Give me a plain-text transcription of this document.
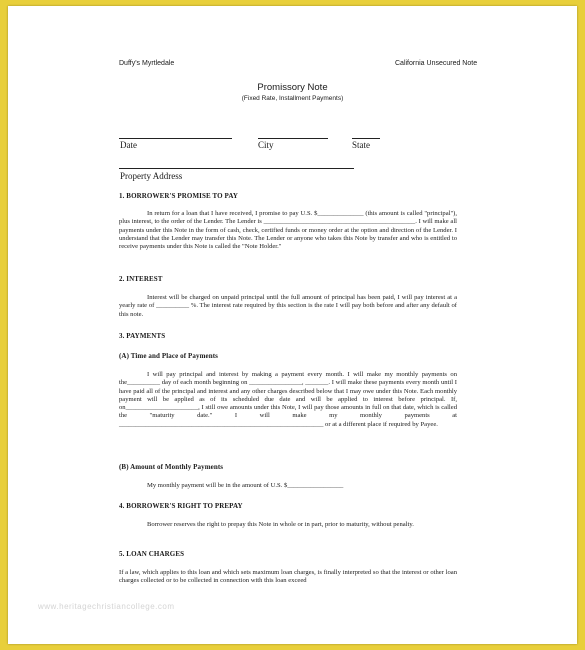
Duffy's Myrtledale	California Unsecured Note
Promissory Note
(Fixed Rate, Installment Payments)
Date	City	State
Property Address
1. BORROWER'S PROMISE TO PAY

In return for a loan that I have received, I promise to pay U.S. $______________ (this amount is called "principal"), plus interest, to the order of the Lender. The Lender is ______________________________________________. I will make all payments under this Note in the form of cash, check, certified funds or money order at the option and direction of the Lender. I understand that the Lender may transfer this Note. The Lender or anyone who takes this Note by transfer and who is entitled to receive payments under this Note is called the "Note Holder."

2. INTEREST

Interest will be charged on unpaid principal until the full amount of principal has been paid, I will pay interest at a yearly rate of __________ %. The interest rate required by this section is the rate I will pay both before and after any default of this note.

3. PAYMENTS
(A) Time and Place of Payments

I will pay principal and interest by making a payment every month. I will make my monthly payments on the__________ day of each month beginning on ________________, _______. I will make these payments every month until I have paid all of the principal and interest and any other charges described below that I may owe under this Note. Each monthly payment will be applied as of its scheduled due date and will be applied to interest before principal. If, on______________________, I still owe amounts under this Note, I will pay those amounts in full on that date, which is called the "maturity date." I will make my monthly payments at ______________________________________________________________ or at a different place if required by Payee.

(B) Amount of Monthly Payments

My monthly payment will be in the amount of U.S. $_________________

4. BORROWER'S RIGHT TO PREPAY

Borrower reserves the right to prepay this Note in whole or in part, prior to maturity, without penalty.

5. LOAN CHARGES

If a law, which applies to this loan and which sets maximum loan charges, is finally interpreted so that the interest or other loan charges collected or to be collected in connection with this loan exceed

www.heritagechristiancollege.com
